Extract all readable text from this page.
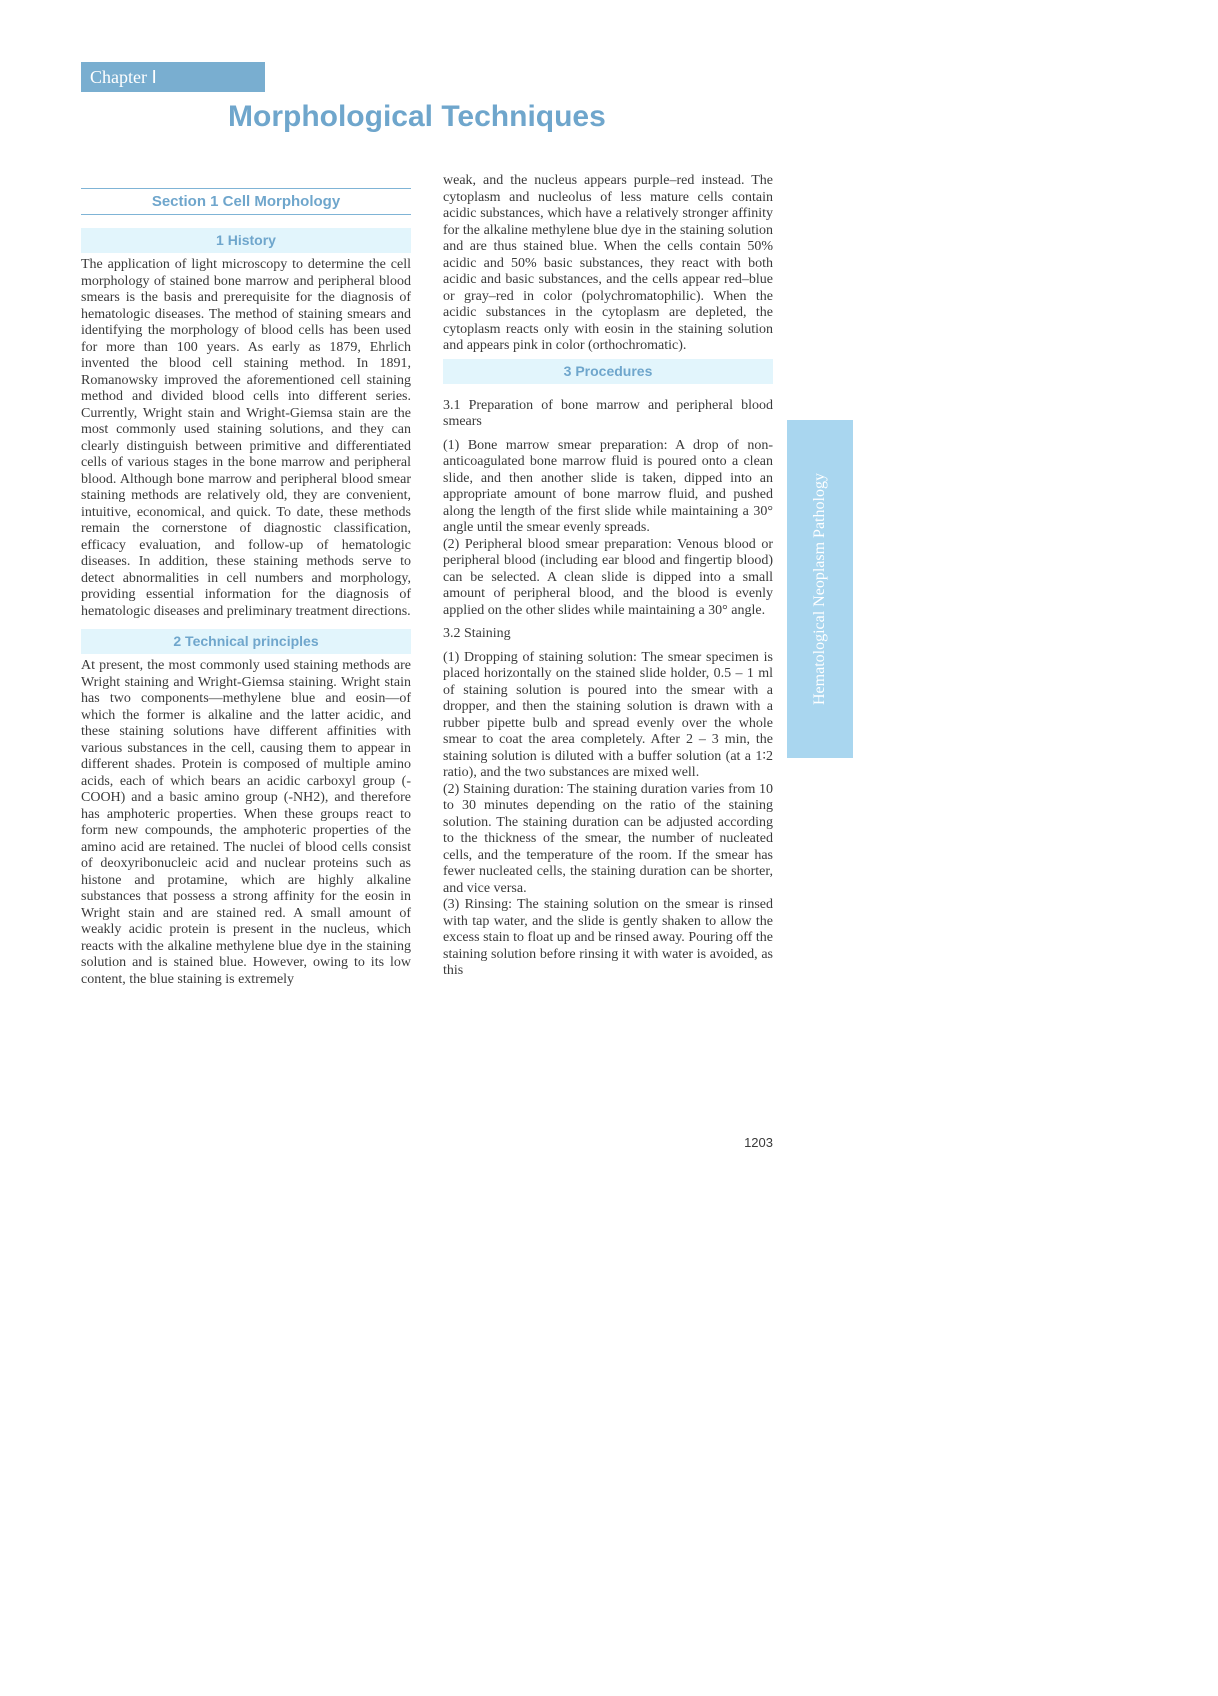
Chapter Ⅰ
Morphological Techniques
Section 1 Cell Morphology
1 History

The application of light microscopy to determine the cell morphology of stained bone marrow and peripheral blood smears is the basis and prerequisite for the diagnosis of hematologic diseases. The method of staining smears and identifying the morphology of blood cells has been used for more than 100 years. As early as 1879, Ehrlich invented the blood cell staining method. In 1891, Romanowsky improved the aforementioned cell staining method and divided blood cells into different series. Currently, Wright stain and Wright-Giemsa stain are the most commonly used staining solutions, and they can clearly distinguish between primitive and differentiated cells of various stages in the bone marrow and peripheral blood. Although bone marrow and peripheral blood smear staining methods are relatively old, they are convenient, intuitive, economical, and quick. To date, these methods remain the cornerstone of diagnostic classification, efficacy evaluation, and follow-up of hematologic diseases. In addition, these staining methods serve to detect abnormalities in cell numbers and morphology, providing essential information for the diagnosis of hematologic diseases and preliminary treatment directions.

2 Technical principles

At present, the most commonly used staining methods are Wright staining and Wright-Giemsa staining. Wright stain has two components—methylene blue and eosin—of which the former is alkaline and the latter acidic, and these staining solutions have different affinities with various substances in the cell, causing them to appear in different shades. Protein is composed of multiple amino acids, each of which bears an acidic carboxyl group (-COOH) and a basic amino group (-NH2), and therefore has amphoteric properties. When these groups react to form new compounds, the amphoteric properties of the amino acid are retained. The nuclei of blood cells consist of deoxyribonucleic acid and nuclear proteins such as histone and protamine, which are highly alkaline substances that possess a strong affinity for the eosin in Wright stain and are stained red. A small amount of weakly acidic protein is present in the nucleus, which reacts with the alkaline methylene blue dye in the staining solution and is stained blue. However, owing to its low content, the blue staining is extremely

weak, and the nucleus appears purple–red instead. The cytoplasm and nucleolus of less mature cells contain acidic substances, which have a relatively stronger affinity for the alkaline methylene blue dye in the staining solution and are thus stained blue. When the cells contain 50% acidic and 50% basic substances, they react with both acidic and basic substances, and the cells appear red–blue or gray–red in color (polychromatophilic). When the acidic substances in the cytoplasm are depleted, the cytoplasm reacts only with eosin in the staining solution and appears pink in color (orthochromatic).

3 Procedures

3.1 Preparation of bone marrow and peripheral blood smears

(1) Bone marrow smear preparation: A drop of non-anticoagulated bone marrow fluid is poured onto a clean slide, and then another slide is taken, dipped into an appropriate amount of bone marrow fluid, and pushed along the length of the first slide while maintaining a 30° angle until the smear evenly spreads.

(2) Peripheral blood smear preparation: Venous blood or peripheral blood (including ear blood and fingertip blood) can be selected. A clean slide is dipped into a small amount of peripheral blood, and the blood is evenly applied on the other slides while maintaining a 30° angle.

3.2 Staining

(1) Dropping of staining solution: The smear specimen is placed horizontally on the stained slide holder, 0.5 – 1 ml of staining solution is poured into the smear with a dropper, and then the staining solution is drawn with a rubber pipette bulb and spread evenly over the whole smear to coat the area completely. After 2 – 3 min, the staining solution is diluted with a buffer solution (at a 1∶2 ratio), and the two substances are mixed well.

(2) Staining duration: The staining duration varies from 10 to 30 minutes depending on the ratio of the staining solution. The staining duration can be adjusted according to the thickness of the smear, the number of nucleated cells, and the temperature of the room. If the smear has fewer nucleated cells, the staining duration can be shorter, and vice versa.

(3) Rinsing: The staining solution on the smear is rinsed with tap water, and the slide is gently shaken to allow the excess stain to float up and be rinsed away. Pouring off the staining solution before rinsing it with water is avoided, as this

Hematological Neoplasm Pathology
1203
